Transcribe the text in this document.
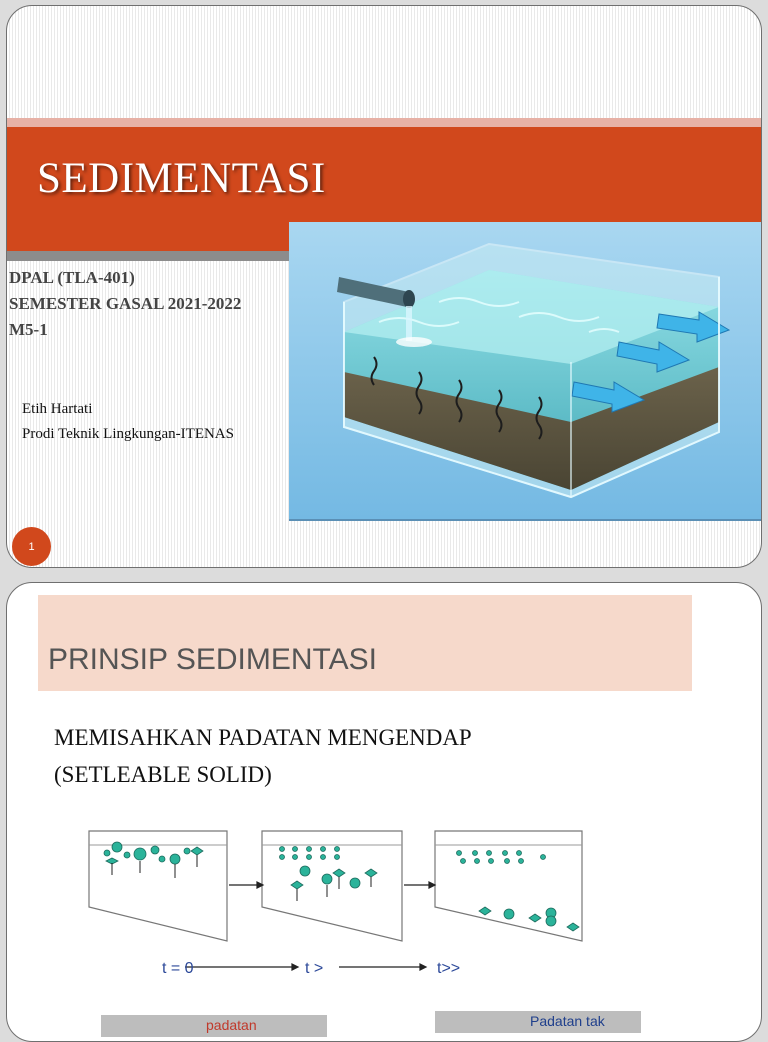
SEDIMENTASI
DPAL (TLA-401)
SEMESTER GASAL 2021-2022
M5-1
Etih Hartati
Prodi Teknik Lingkungan-ITENAS
1
PRINSIP SEDIMENTASI
MEMISAHKAN PADATAN MENGENDAP
(SETLEABLE SOLID)
t = 0	t >	t>>
padatan	Padatan tak
